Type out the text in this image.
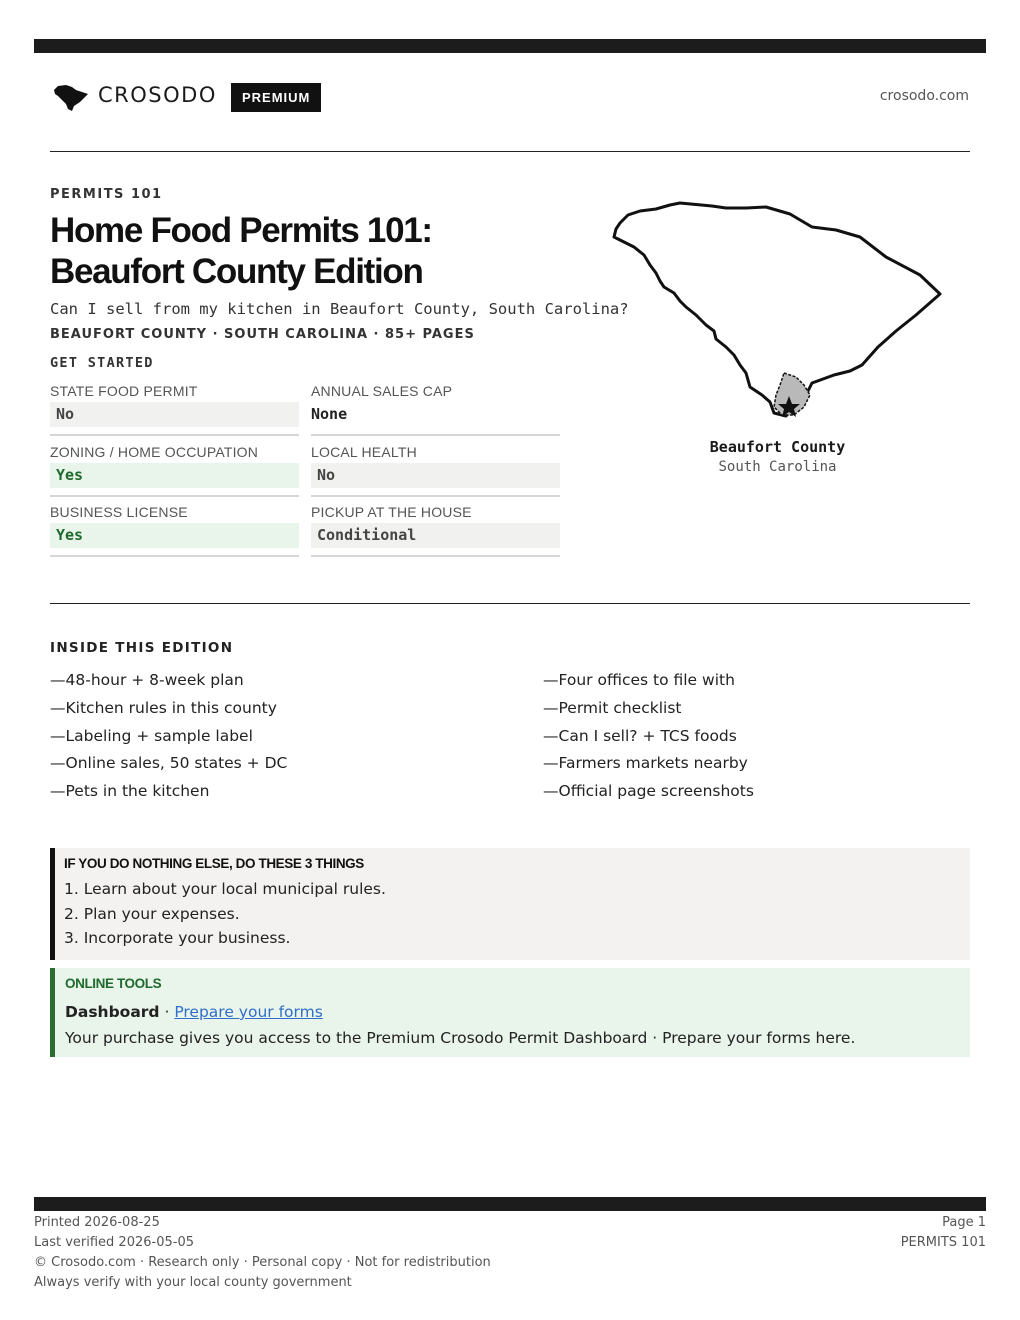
CROSODO	PREMIUM	crosodo.com
PERMITS 101
Home Food Permits 101:
Beaufort County Edition
Can I sell from my kitchen in Beaufort County, South Carolina?
BEAUFORT COUNTY · SOUTH CAROLINA · 85+ PAGES
GET STARTED
STATE FOOD PERMIT
No
ANNUAL SALES CAP
None
ZONING / HOME OCCUPATION
Yes
LOCAL HEALTH
No
BUSINESS LICENSE
Yes
PICKUP AT THE HOUSE
Conditional
Beaufort County
South Carolina
INSIDE THIS EDITION
—48-hour + 8-week plan
—Kitchen rules in this county
—Labeling + sample label
—Online sales, 50 states + DC
—Pets in the kitchen
—Four offices to file with
—Permit checklist
—Can I sell? + TCS foods
—Farmers markets nearby
—Official page screenshots
IF YOU DO NOTHING ELSE, DO THESE 3 THINGS
1. Learn about your local municipal rules.
2. Plan your expenses.
3. Incorporate your business.
ONLINE TOOLS
Dashboard · Prepare your forms
Your purchase gives you access to the Premium Crosodo Permit Dashboard · Prepare your forms here.
Printed 2026-08-25
Last verified 2026-05-05
© Crosodo.com · Research only · Personal copy · Not for redistribution
Always verify with your local county government
Page 1
PERMITS 101
